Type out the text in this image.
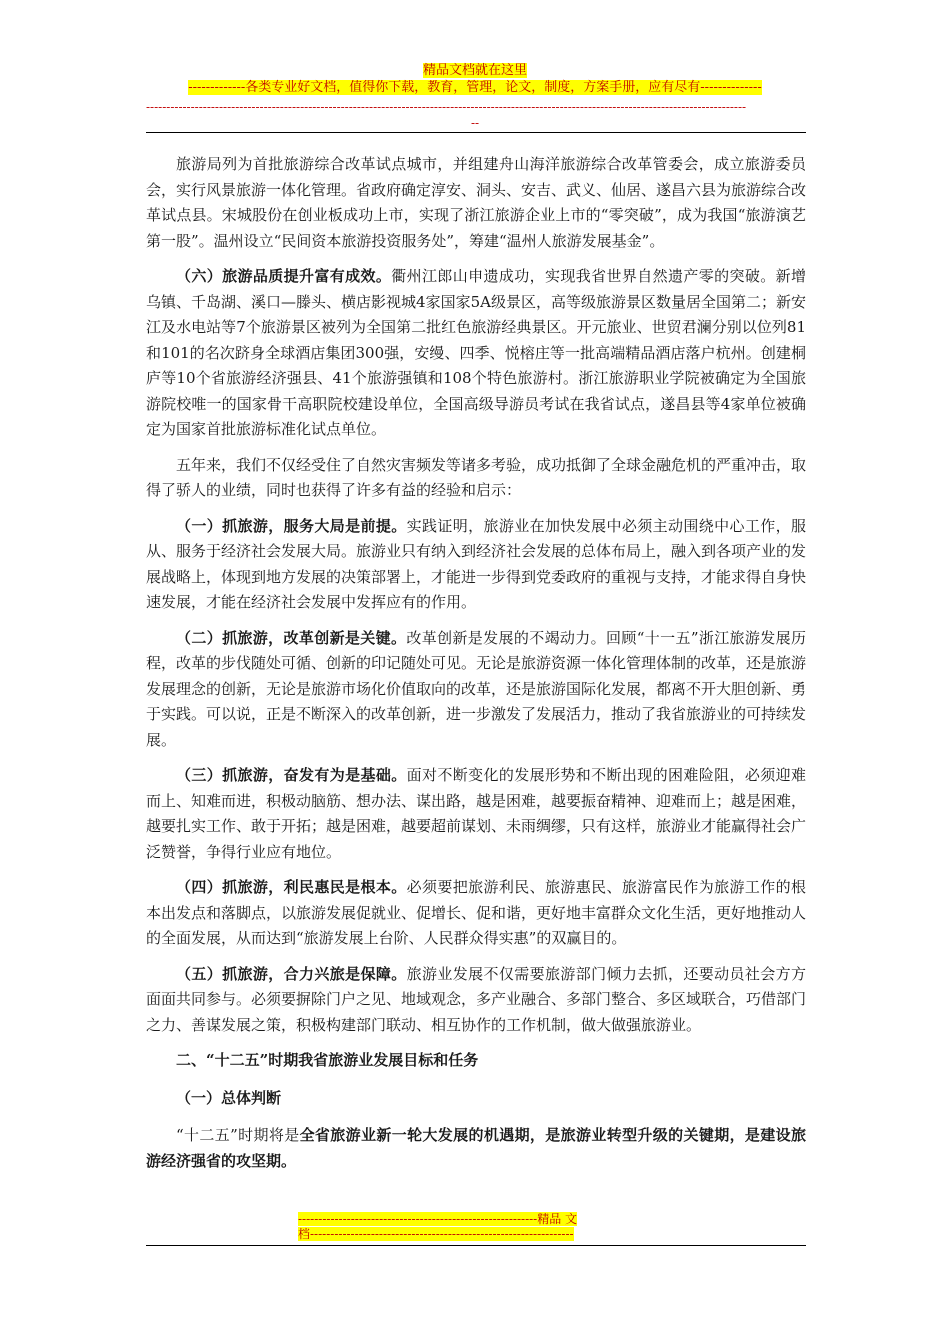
精品文档就在这里
-------------各类专业好文档，值得你下载，教育，管理，论文，制度，方案手册，应有尽有--------------
----------------------------------------------------------------------------------------------------------------------------------------------------
--

旅游局列为首批旅游综合改革试点城市，并组建舟山海洋旅游综合改革管委会，成立旅游委员会，实行风景旅游一体化管理。省政府确定淳安、洞头、安吉、武义、仙居、遂昌六县为旅游综合改革试点县。宋城股份在创业板成功上市，实现了浙江旅游企业上市的“零突破”，成为我国“旅游演艺第一股”。温州设立“民间资本旅游投资服务处”，筹建“温州人旅游发展基金”。

（六）旅游品质提升富有成效。衢州江郎山申遗成功，实现我省世界自然遗产零的突破。新增乌镇、千岛湖、溪口—滕头、横店影视城4家国家5A级景区，高等级旅游景区数量居全国第二；新安江及水电站等7个旅游景区被列为全国第二批红色旅游经典景区。开元旅业、世贸君澜分别以位列81和101的名次跻身全球酒店集团300强，安缦、四季、悦榕庄等一批高端精品酒店落户杭州。创建桐庐等10个省旅游经济强县、41个旅游强镇和108个特色旅游村。浙江旅游职业学院被确定为全国旅游院校唯一的国家骨干高职院校建设单位，全国高级导游员考试在我省试点，遂昌县等4家单位被确定为国家首批旅游标准化试点单位。

五年来，我们不仅经受住了自然灾害频发等诸多考验，成功抵御了全球金融危机的严重冲击，取得了骄人的业绩，同时也获得了许多有益的经验和启示：

（一）抓旅游，服务大局是前提。实践证明，旅游业在加快发展中必须主动围绕中心工作，服从、服务于经济社会发展大局。旅游业只有纳入到经济社会发展的总体布局上，融入到各项产业的发展战略上，体现到地方发展的决策部署上，才能进一步得到党委政府的重视与支持，才能求得自身快速发展，才能在经济社会发展中发挥应有的作用。

（二）抓旅游，改革创新是关键。改革创新是发展的不竭动力。回顾“十一五”浙江旅游发展历程，改革的步伐随处可循、创新的印记随处可见。无论是旅游资源一体化管理体制的改革，还是旅游发展理念的创新，无论是旅游市场化价值取向的改革，还是旅游国际化发展，都离不开大胆创新、勇于实践。可以说，正是不断深入的改革创新，进一步激发了发展活力，推动了我省旅游业的可持续发展。

（三）抓旅游，奋发有为是基础。面对不断变化的发展形势和不断出现的困难险阻，必须迎难而上、知难而进，积极动脑筋、想办法、谋出路，越是困难，越要振奋精神、迎难而上；越是困难，越要扎实工作、敢于开拓；越是困难，越要超前谋划、未雨绸缪，只有这样，旅游业才能赢得社会广泛赞誉，争得行业应有地位。

（四）抓旅游，利民惠民是根本。必须要把旅游利民、旅游惠民、旅游富民作为旅游工作的根本出发点和落脚点，以旅游发展促就业、促增长、促和谐，更好地丰富群众文化生活，更好地推动人的全面发展，从而达到“旅游发展上台阶、人民群众得实惠”的双赢目的。

（五）抓旅游，合力兴旅是保障。旅游业发展不仅需要旅游部门倾力去抓，还要动员社会方方面面共同参与。必须要摒除门户之见、地域观念，多产业融合、多部门整合、多区域联合，巧借部门之力、善谋发展之策，积极构建部门联动、相互协作的工作机制，做大做强旅游业。

二、“十二五”时期我省旅游业发展目标和任务

（一）总体判断

“十二五”时期将是全省旅游业新一轮大发展的机遇期，是旅游业转型升级的关键期，是建设旅游经济强省的攻坚期。

-----------------------------------------------------------精品 文
档-----------------------------------------------------------------
